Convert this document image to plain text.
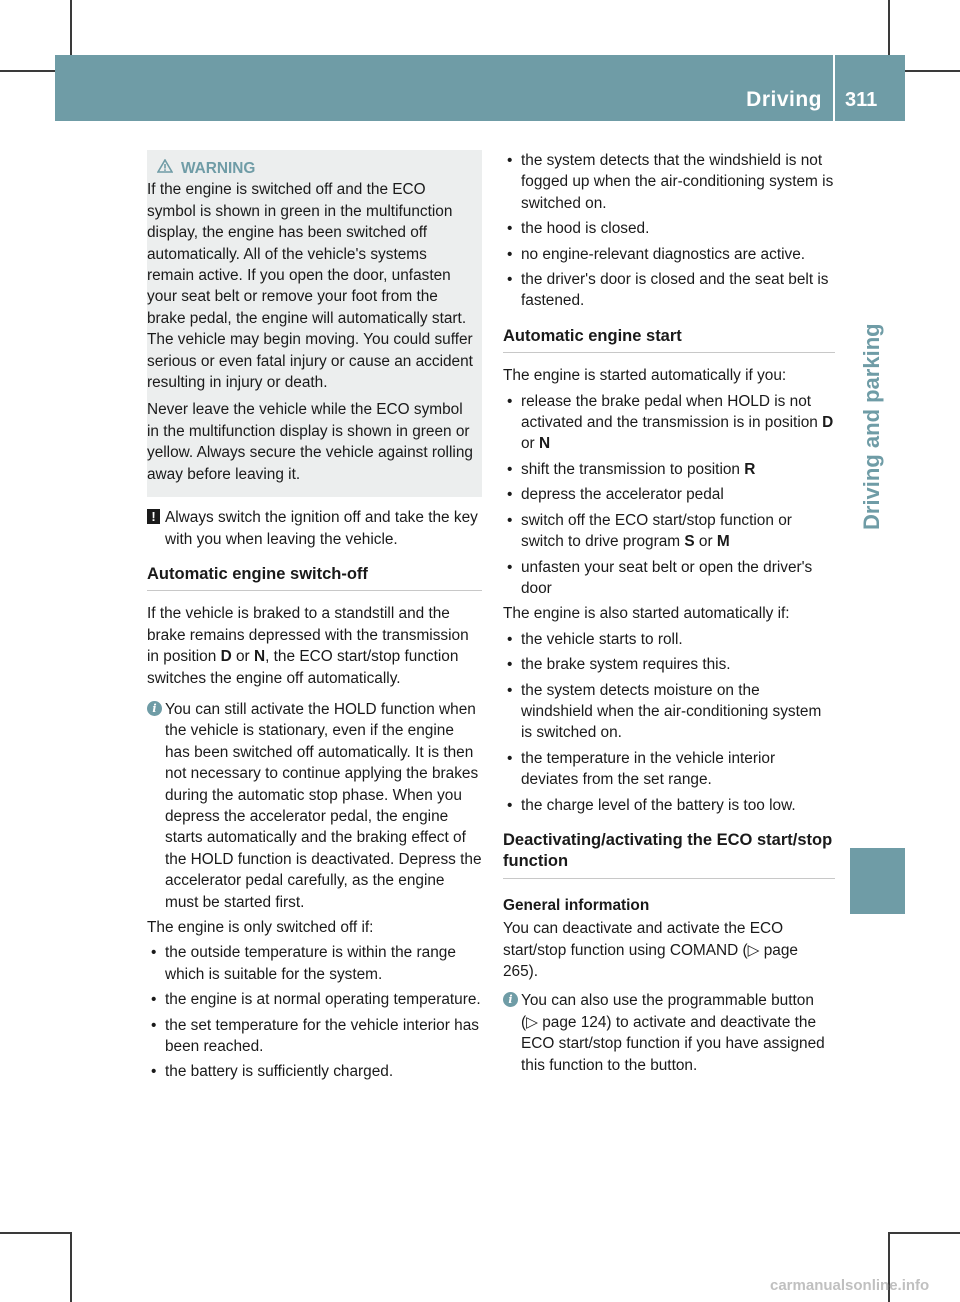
Driving 311
Driving and parking
WARNING

If the engine is switched off and the ECO symbol is shown in green in the multifunction display, the engine has been switched off automatically. All of the vehicle's systems remain active. If you open the door, unfasten your seat belt or remove your foot from the brake pedal, the engine will automatically start. The vehicle may begin moving. You could suffer serious or even fatal injury or cause an accident resulting in injury or death.

Never leave the vehicle while the ECO symbol in the multifunction display is shown in green or yellow. Always secure the vehicle against rolling away before leaving it.

! Always switch the ignition off and take the key with you when leaving the vehicle.
Automatic engine switch-off

If the vehicle is braked to a standstill and the brake remains depressed with the transmission in position D or N, the ECO start/stop function switches the engine off automatically.

i You can still activate the HOLD function when the vehicle is stationary, even if the engine has been switched off automatically. It is then not necessary to continue applying the brakes during the automatic stop phase. When you depress the accelerator pedal, the engine starts automatically and the braking effect of the HOLD function is deactivated. Depress the accelerator pedal carefully, as the engine must be started first.

The engine is only switched off if:

• the outside temperature is within the range which is suitable for the system.
• the engine is at normal operating temperature.
• the set temperature for the vehicle interior has been reached.
• the battery is sufficiently charged.
• the system detects that the windshield is not fogged up when the air-conditioning system is switched on.
• the hood is closed.
• no engine-relevant diagnostics are active.
• the driver's door is closed and the seat belt is fastened.
Automatic engine start

The engine is started automatically if you:

• release the brake pedal when HOLD is not activated and the transmission is in position D or N
• shift the transmission to position R
• depress the accelerator pedal
• switch off the ECO start/stop function or switch to drive program S or M
• unfasten your seat belt or open the driver's door

The engine is also started automatically if:

• the vehicle starts to roll.
• the brake system requires this.
• the system detects moisture on the windshield when the air-conditioning system is switched on.
• the temperature in the vehicle interior deviates from the set range.
• the charge level of the battery is too low.
Deactivating/activating the ECO start/stop function
General information

You can deactivate and activate the ECO start/stop function using COMAND (▷ page 265).

i You can also use the programmable button (▷ page 124) to activate and deactivate the ECO start/stop function if you have assigned this function to the button.
carmanualsonline.info
